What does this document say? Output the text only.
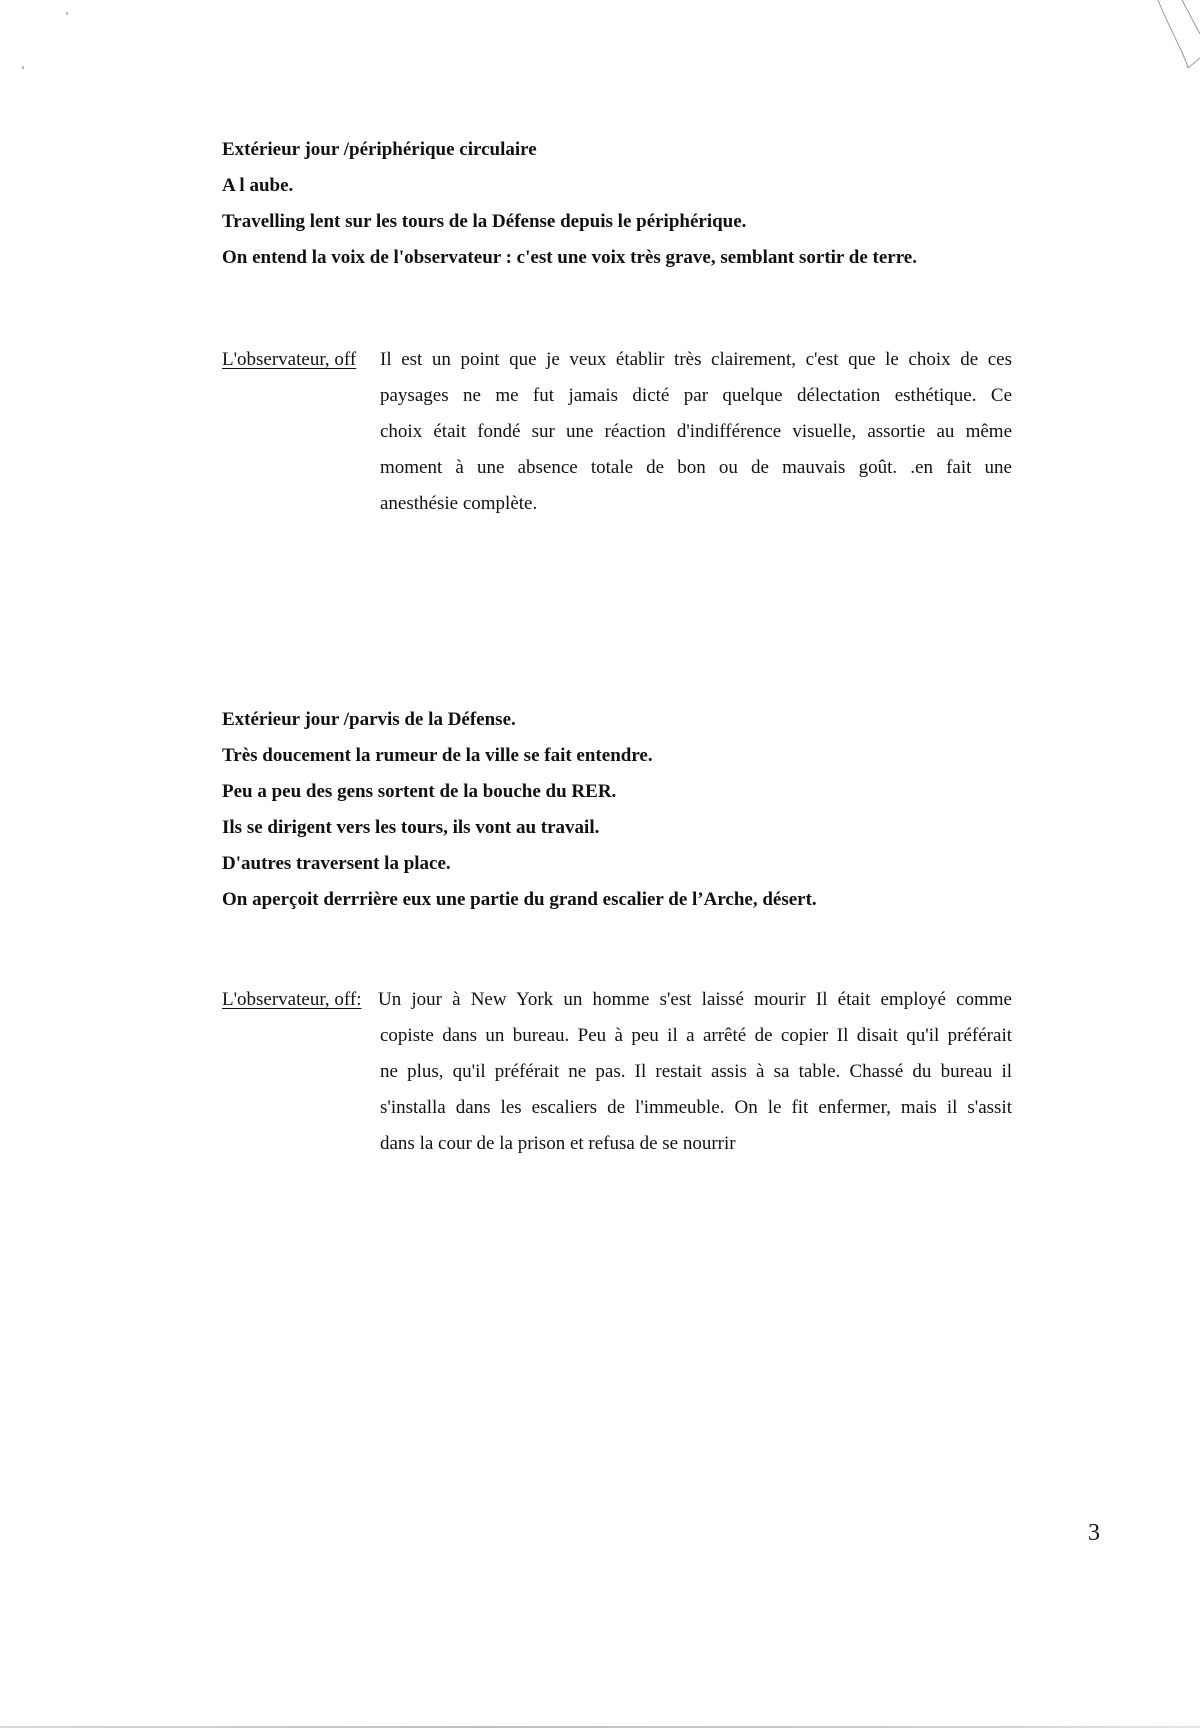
Extérieur jour /périphérique circulaire

A l aube.

Travelling lent sur les tours de la Défense depuis le périphérique.

On entend la voix de l'observateur : c'est une voix très grave, semblant sortir de terre.

L'observateur, off Il est un point que je veux établir très clairement, c'est que le choix de ces
paysages ne me fut jamais dicté par quelque délectation esthétique. Ce
choix était fondé sur une réaction d'indifférence visuelle, assortie au même
moment à une absence totale de bon ou de mauvais goût. .en fait une
anesthésie complète.

Extérieur jour /parvis de la Défense.

Très doucement la rumeur de la ville se fait entendre.

Peu a peu des gens sortent de la bouche du RER.

Ils se dirigent vers les tours, ils vont au travail.

D'autres traversent la place.

On aperçoit derrrière eux une partie du grand escalier de l’Arche, désert.

L'observateur, off: Un jour à New York un homme s'est laissé mourir Il était employé comme
copiste dans un bureau. Peu à peu il a arrêté de copier Il disait qu'il préférait
ne plus, qu'il préférait ne pas. Il restait assis à sa table. Chassé du bureau il
s'installa dans les escaliers de l'immeuble. On le fit enfermer, mais il s'assit
dans la cour de la prison et refusa de se nourrir
3
